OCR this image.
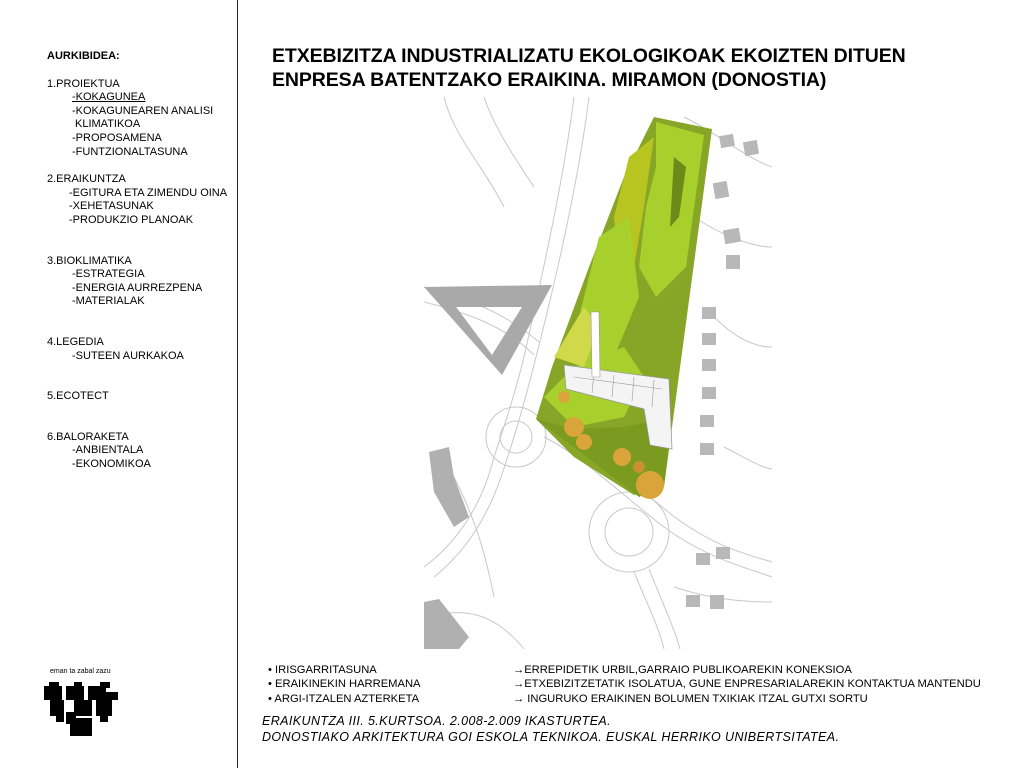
AURKIBIDEA:
1.PROIEKTUA
-KOKAGUNEA
-KOKAGUNEAREN ANALISI
KLIMATIKOA
-PROPOSAMENA
-FUNTZIONALTASUNA
2.ERAIKUNTZA
-EGITURA ETA ZIMENDU OINA
-XEHETASUNAK
-PRODUKZIO PLANOAK
3.BIOKLIMATIKA
-ESTRATEGIA
-ENERGIA AURREZPENA
-MATERIALAK
4.LEGEDIA
-SUTEEN AURKAKOA
5.ECOTECT
6.BALORAKETA
-ANBIENTALA
-EKONOMIKOA
eman ta zabal zazu
ETXEBIZITZA INDUSTRIALIZATU EKOLOGIKOAK EKOIZTEN DITUEN
ENPRESA BATENTZAKO ERAIKINA. MIRAMON (DONOSTIA)
• IRISGARRITASUNA	→ERREPIDETIK URBIL,GARRAIO PUBLIKOAREKIN KONEKSIOA
• ERAIKINEKIN HARREMANA	→ETXEBIZITZETATIK ISOLATUA, GUNE ENPRESARIALAREKIN KONTAKTUA MANTENDU
• ARGI-ITZALEN AZTERKETA	→ INGURUKO ERAIKINEN BOLUMEN TXIKIAK ITZAL GUTXI SORTU
ERAIKUNTZA III. 5.KURTSOA. 2.008-2.009 IKASTURTEA.
DONOSTIAKO ARKITEKTURA GOI ESKOLA TEKNIKOA. EUSKAL HERRIKO UNIBERTSITATEA.
